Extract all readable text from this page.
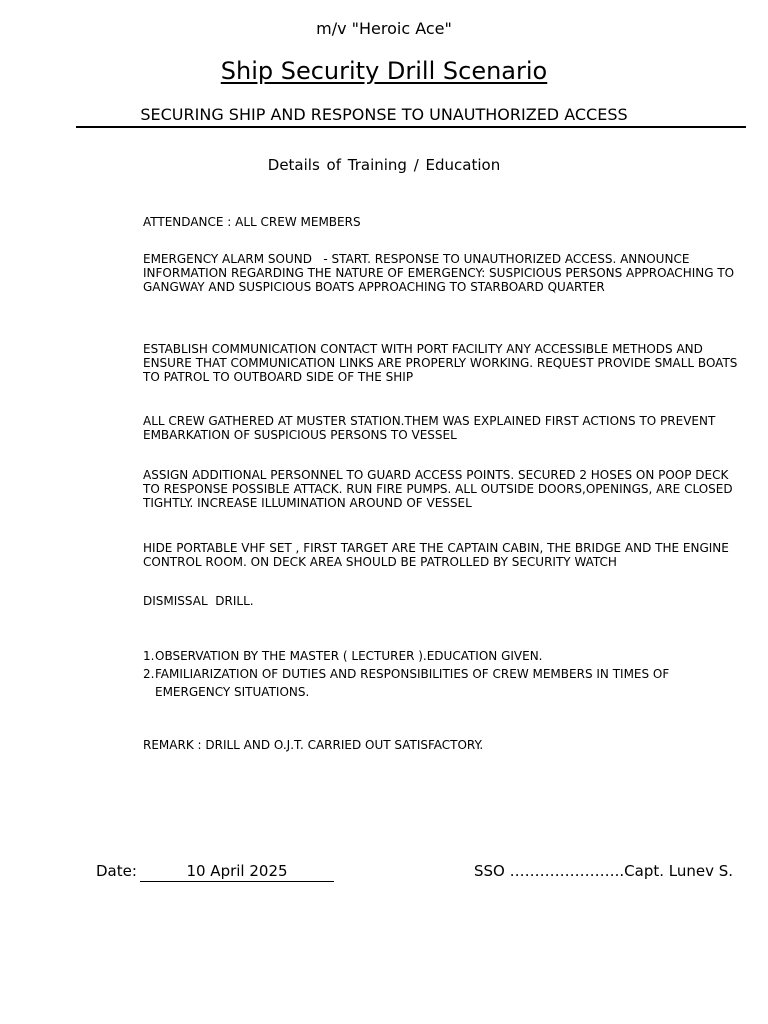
m/v "Heroic Ace"
Ship Security Drill Scenario
SECURING SHIP AND RESPONSE TO UNAUTHORIZED ACCESS
Details of Training / Education

ATTENDANCE : ALL CREW MEMBERS

EMERGENCY ALARM SOUND   - START. RESPONSE TO UNAUTHORIZED ACCESS. ANNOUNCE INFORMATION REGARDING THE NATURE OF EMERGENCY: SUSPICIOUS PERSONS APPROACHING TO GANGWAY AND SUSPICIOUS BOATS APPROACHING TO STARBOARD QUARTER

ESTABLISH COMMUNICATION CONTACT WITH PORT FACILITY ANY ACCESSIBLE METHODS AND ENSURE THAT COMMUNICATION LINKS ARE PROPERLY WORKING. REQUEST PROVIDE SMALL BOATS TO PATROL TO OUTBOARD SIDE OF THE SHIP

ALL CREW GATHERED AT MUSTER STATION.THEM WAS EXPLAINED FIRST ACTIONS TO PREVENT EMBARKATION OF SUSPICIOUS PERSONS TO VESSEL

ASSIGN ADDITIONAL PERSONNEL TO GUARD ACCESS POINTS. SECURED 2 HOSES ON POOP DECK TO RESPONSE POSSIBLE ATTACK. RUN FIRE PUMPS. ALL OUTSIDE DOORS,OPENINGS, ARE CLOSED TIGHTLY. INCREASE ILLUMINATION AROUND OF VESSEL

HIDE PORTABLE VHF SET , FIRST TARGET ARE THE CAPTAIN CABIN, THE BRIDGE AND THE ENGINE CONTROL ROOM. ON DECK AREA SHOULD BE PATROLLED BY SECURITY WATCH

DISMISSAL  DRILL.

1. OBSERVATION BY THE MASTER ( LECTURER ).EDUCATION GIVEN.
2. FAMILIARIZATION OF DUTIES AND RESPONSIBILITIES OF CREW MEMBERS IN TIMES OF EMERGENCY SITUATIONS.

REMARK : DRILL AND O.J.T. CARRIED OUT SATISFACTORY.

Date:	10 April 2025	SSO …………………..Capt. Lunev S.
